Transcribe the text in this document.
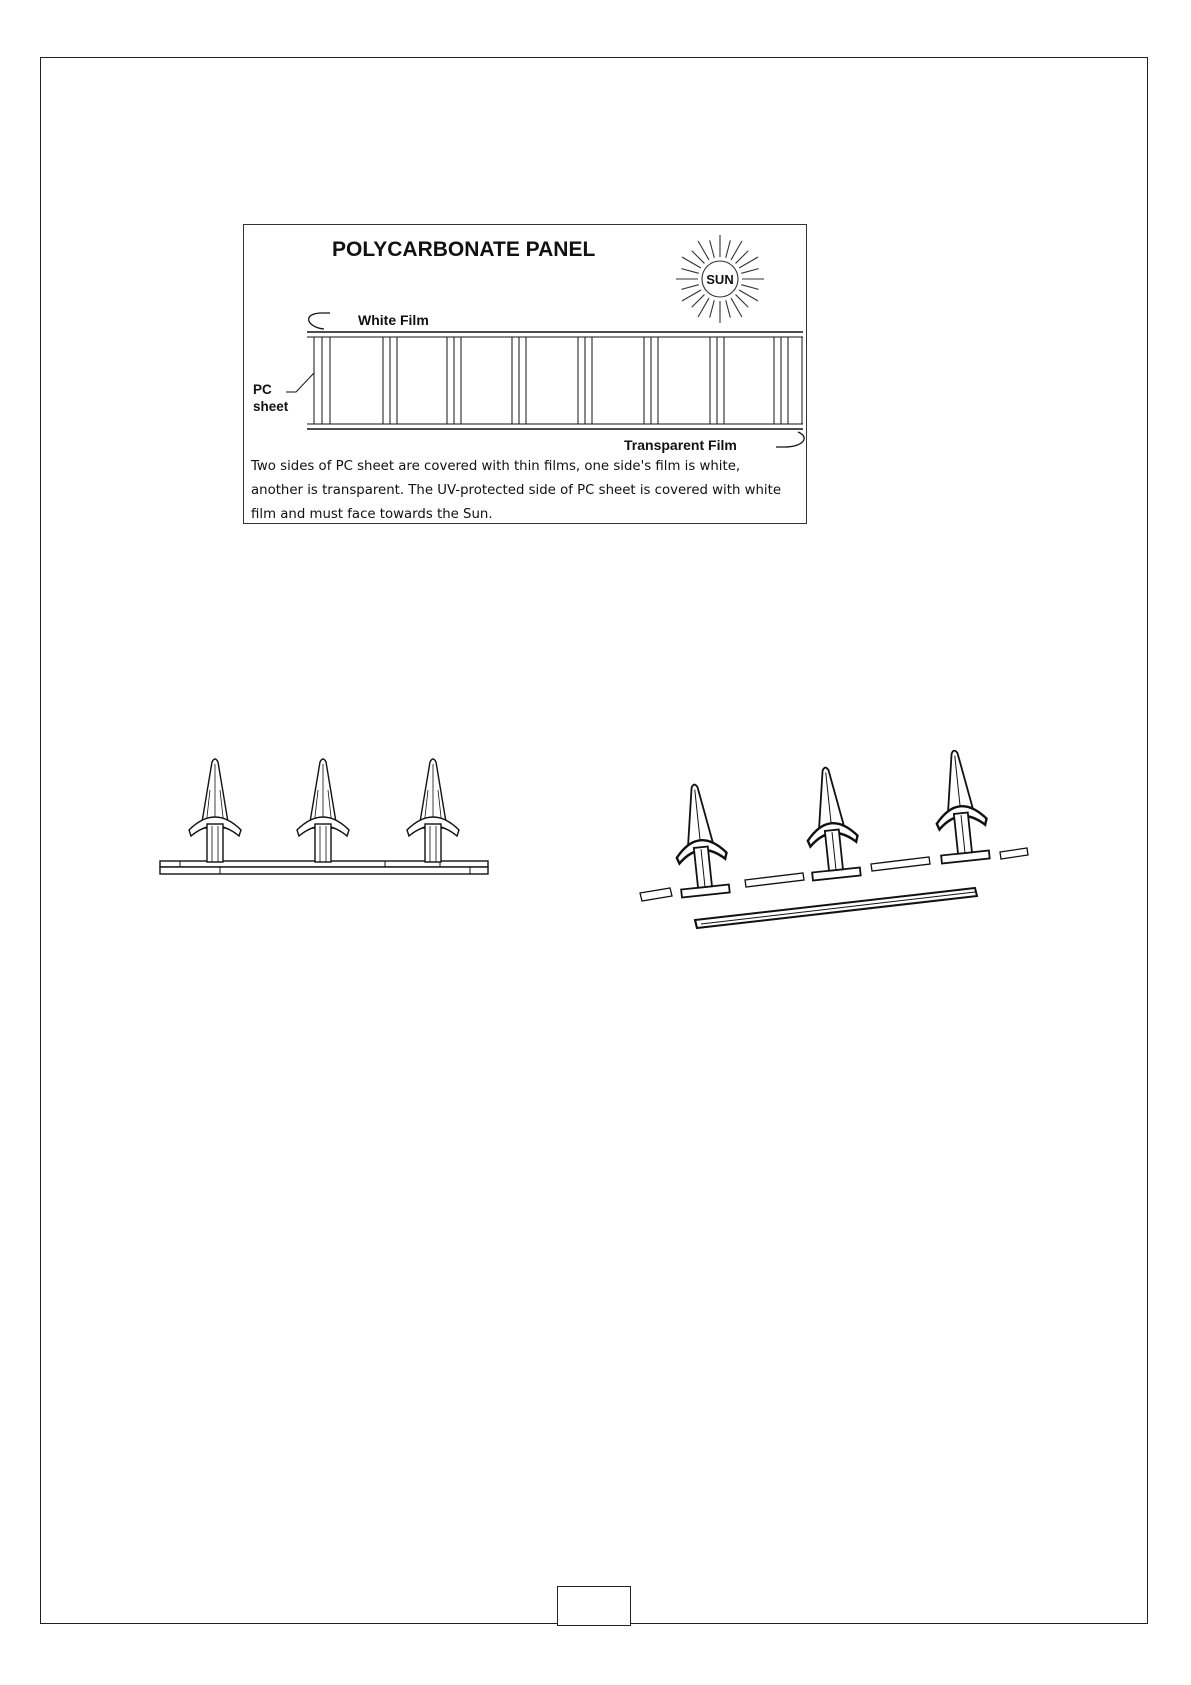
POLYCARBONATE PANEL
SUN
White Film
PC
sheet
Transparent Film

Two sides of PC sheet are covered with thin films, one side's film is white, another is transparent. The UV-protected side of PC sheet is covered with white film and must face towards the Sun.
